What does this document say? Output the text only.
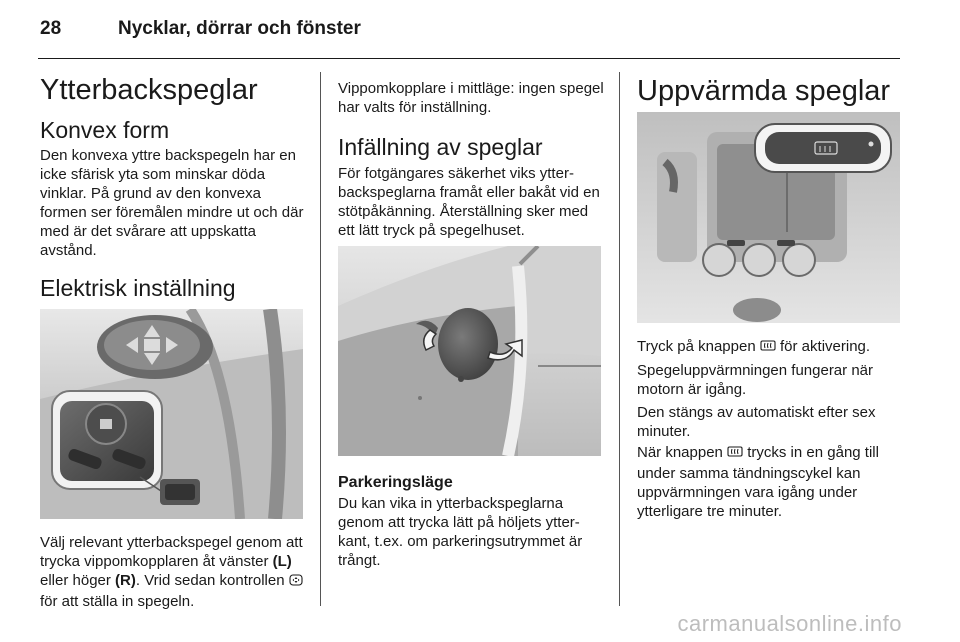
28	Nycklar, dörrar och fönster
Ytterbackspeglar
Konvex form

Den konvexa yttre backspegeln har en icke sfärisk yta som minskar döda vinklar. På grund av den konvexa formen ser föremålen mindre ut och där med är det svårare att uppskatta avstånd.

Elektrisk inställning

Välj relevant ytterbackspegel genom att trycka vippomkopplaren åt vänster (L) eller höger (R). Vrid sedan kontrollen  för att ställa in spegeln.

Vippomkopplare i mittläge: ingen spegel har valts för inställning.

Infällning av speglar

För fotgängares säkerhet viks ytterbackspeglarna framåt eller bakåt vid en stötpåkänning. Återställning sker med ett lätt tryck på spegelhuset.

Parkeringsläge

Du kan vika in ytterbackspeglarna genom att trycka lätt på höljets ytterkant, t.ex. om parkeringsutrymmet är trångt.

Uppvärmda speglar

Tryck på knappen  för aktivering.

Spegeluppvärmningen fungerar när motorn är igång.

Den stängs av automatiskt efter sex minuter.

När knappen  trycks in en gång till under samma tändningscykel kan uppvärmningen vara igång under ytterligare tre minuter.

carmanualsonline.info
